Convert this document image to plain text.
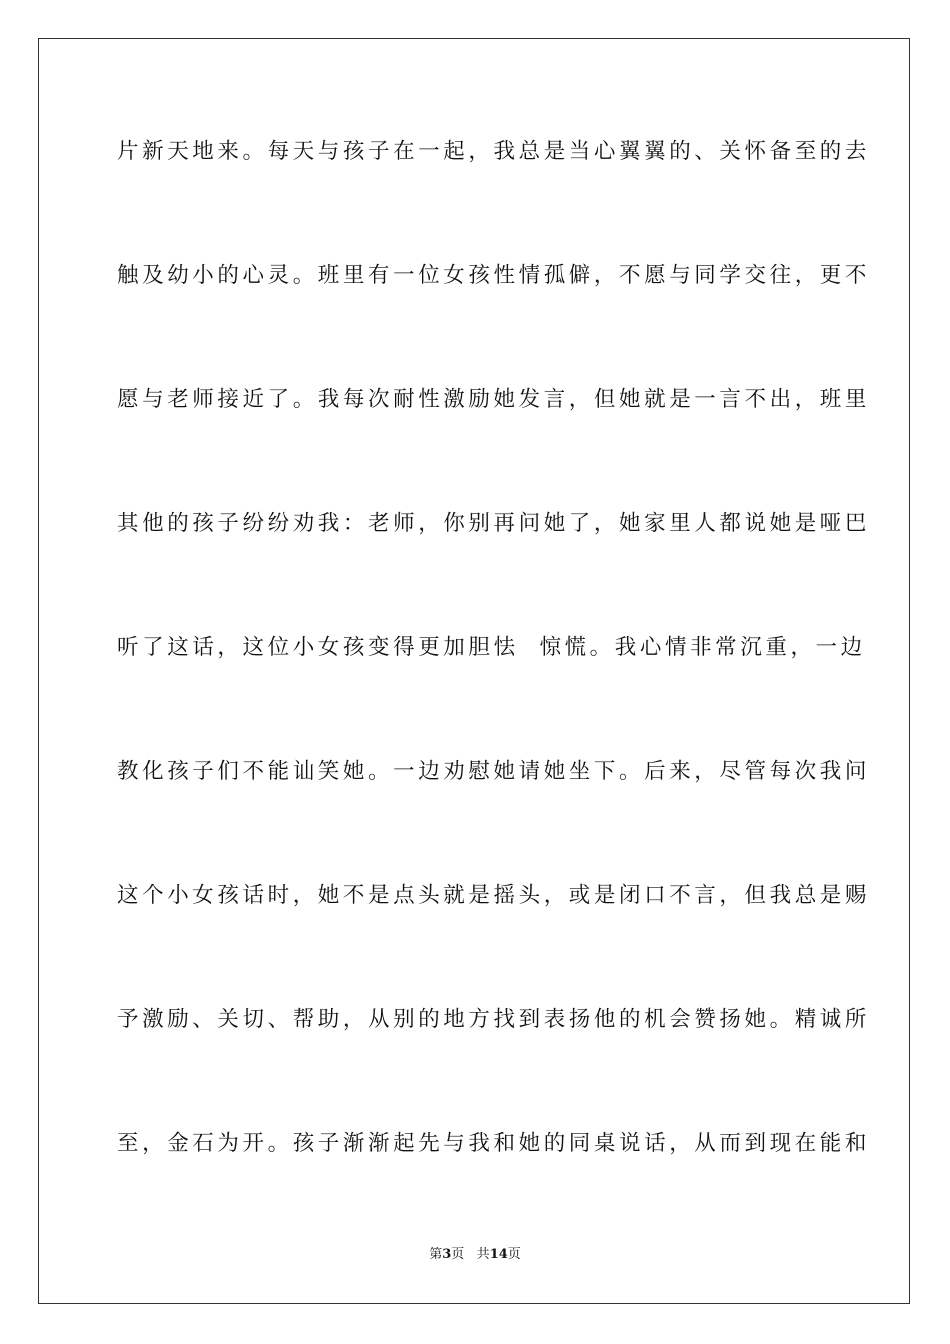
片新天地来。每天与孩子在一起，我总是当心翼翼的、关怀备至的去

触及幼小的心灵。班里有一位女孩性情孤僻，不愿与同学交往，更不

愿与老师接近了。我每次耐性激励她发言，但她就是一言不出，班里

其他的孩子纷纷劝我：老师，你别再问她了，她家里人都说她是哑巴

听了这话，这位小女孩变得更加胆怯  惊慌。我心情非常沉重，一边

教化孩子们不能讪笑她。一边劝慰她请她坐下。后来，尽管每次我问

这个小女孩话时，她不是点头就是摇头，或是闭口不言，但我总是赐

予激励、关切、帮助，从别的地方找到表扬他的机会赞扬她。精诚所

至，金石为开。孩子渐渐起先与我和她的同桌说话，从而到现在能和

第3页 共14页
